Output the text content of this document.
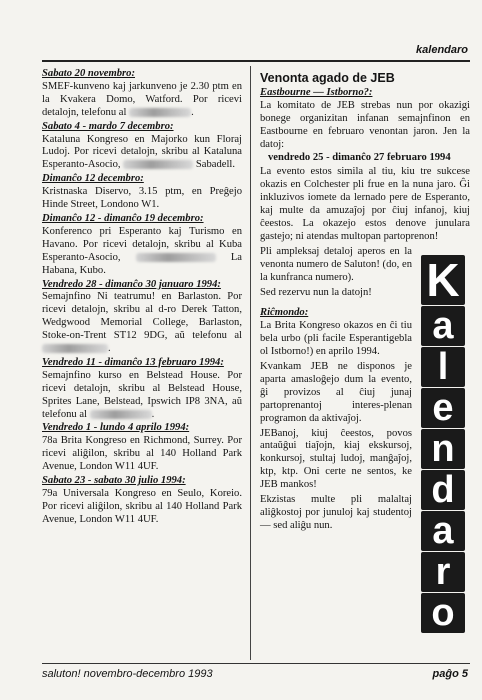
kalendaro

Sabato 20 novembro:

SMEF-kunveno kaj jarkunveno je 2.30 ptm en la Kvakera Domo, Watford. Por ricevi detalojn, telefonu al	.

Sabato 4 - mardo 7 decembro:

Kataluna Kongreso en Majorko kun Floraj Ludoj. Por ricevi detalojn, skribu al Kataluna Esperanto-Asocio,	Sabadell.

Dimanĉo 12 decembro:

Kristnaska Diservo, 3.15 ptm, en Preĝejo Hinde Street, Londono W1.

Dimanĉo 12 - dimanĉo 19 decembro:

Konferenco pri Esperanto kaj Turismo en Havano. Por ricevi detalojn, skribu al Kuba Esperanto-Asocio,	La Habana, Kubo.

Vendredo 28 - dimanĉo 30 januaro 1994:

Semajnfino Ni teatrumu! en Barlaston. Por ricevi detalojn, skribu al d-ro Derek Tatton, Wedgwood Memorial College, Barlaston, Stoke-on-Trent ST12 9DG, aŭ telefonu al .

Vendredo 11 - dimanĉo 13 februaro 1994:

Semajnfino kurso en Belstead House. Por ricevi detalojn, skribu al Belstead House, Sprites Lane, Belstead, Ipswich IP8 3NA, aŭ telefonu al	.

Vendredo 1 - lundo 4 aprilo 1994:

78a Brita Kongreso en Richmond, Surrey. Por ricevi aliĝilon, skribu al 140 Holland Park Avenue, London W11 4UF.

Sabato 23 - sabato 30 julio 1994:

79a Universala Kongreso en Seulo, Koreio. Por ricevi aliĝilon, skribu al 140 Holland Park Avenue, London W11 4UF.

Venonta agado de JEB

Eastbourne — Istborno?:

La komitato de JEB strebas nun por okazigi bonege organizitan infanan semajnfinon en Eastbourne en februaro venontan jaron. Jen la datoj:

vendredo 25 - dimanĉo 27 februaro 1994

La evento estos simila al tiu, kiu tre sukcese okazis en Colchester pli frue en la nuna jaro. Ĝi inkluzivos iomete da lernado pere de Esperanto, kaj multe da amuzaĵoj por ĉiuj infanoj, kiuj ĉeestos. La okazejo estos denove junulara gastejo; ni atendas multopan partoprenon!

Pli ampleksaj detaloj aperos en la venonta numero de Saluton! (do, en la kunfranca numero).

Sed rezervu nun la datojn!

Riĉmondo:

La Brita Kongreso okazos en ĉi tiu bela urbo (pli facile Esperantigebla ol Istborno!) en aprilo 1994.

Kvankam JEB ne disponos je aparta amasloĝejo dum la evento, ĝi provizos al ĉiuj junaj partoprenantoj interes-plenan programon da aktivaĵoj.

JEBanoj, kiuj ĉeestos, povos antaŭĝui tiaĵojn, kiaj ekskursoj, konkursoj, stultaj ludoj, manĝaĵoj, ktp, ktp. Oni certe ne sentos, ke JEB mankos!

Ekzistas multe pli malaltaj aliĝkostoj por junuloj kaj studentoj — sed aliĝu nun.

K
a
l
e
n
d
a
r
o
saluton! novembro-decembro 1993	paĝo 5
